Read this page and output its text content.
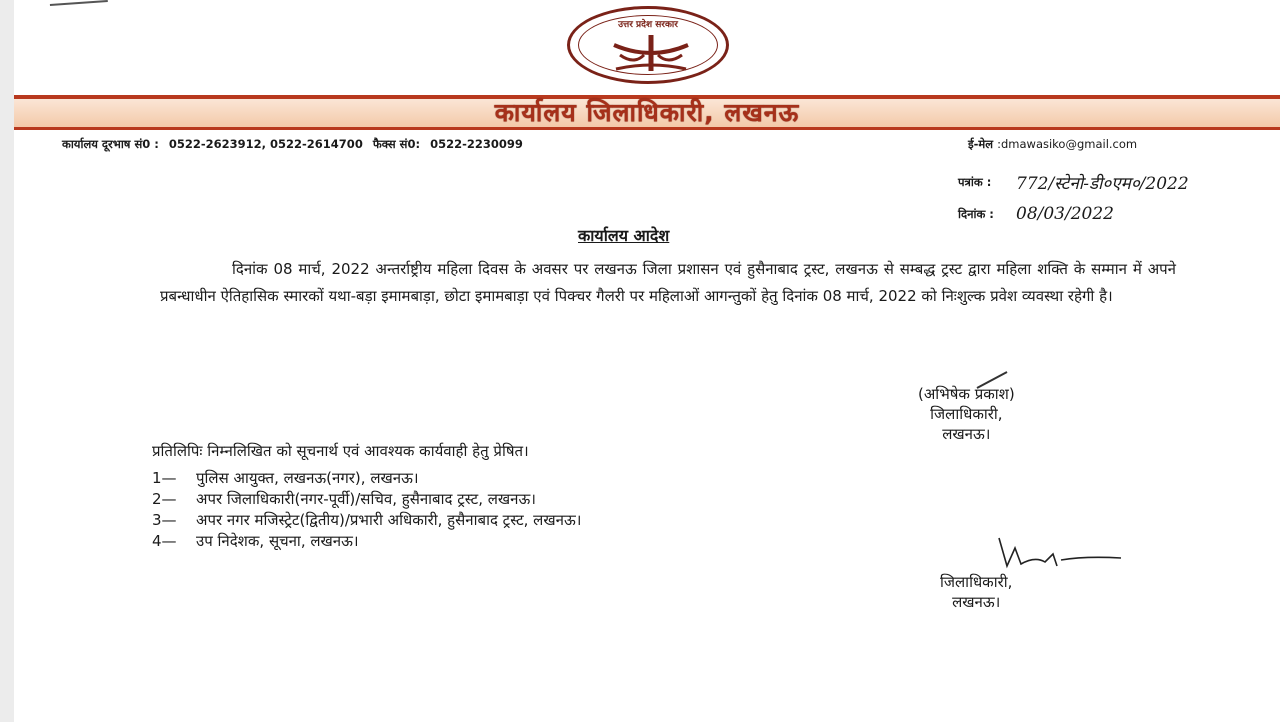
उत्तर प्रदेश सरकार
कार्यालय जिलाधिकारी, लखनऊ
कार्यालय दूरभाष सं0 : 0522-2623912, 0522-2614700 फैक्स सं0: 0522-2230099	ई-मेल :dmawasiko@gmail.com
पत्रांक :	772/स्टेनो-डी०एम०/2022
दिनांक :	08/03/2022
कार्यालय आदेश
दिनांक 08 मार्च, 2022 अन्तर्राष्ट्रीय महिला दिवस के अवसर पर लखनऊ जिला प्रशासन एवं हुसैनाबाद ट्रस्ट, लखनऊ से सम्बद्ध ट्रस्ट द्वारा महिला शक्ति के सम्मान में अपने प्रबन्धाधीन ऐतिहासिक स्मारकों यथा-बड़ा इमामबाड़ा, छोटा इमामबाड़ा एवं पिक्चर गैलरी पर महिलाओं आगन्तुकों हेतु दिनांक 08 मार्च, 2022 को निःशुल्क प्रवेश व्यवस्था रहेगी है।
(अभिषेक प्रकाश)
जिलाधिकारी,
लखनऊ।
प्रतिलिपिः निम्नलिखित को सूचनार्थ एवं आवश्यक कार्यवाही हेतु प्रेषित।
1— पुलिस आयुक्त, लखनऊ(नगर), लखनऊ।
2— अपर जिलाधिकारी(नगर-पूर्वी)/सचिव, हुसैनाबाद ट्रस्ट, लखनऊ।
3— अपर नगर मजिस्ट्रेट(द्वितीय)/प्रभारी अधिकारी, हुसैनाबाद ट्रस्ट, लखनऊ।
4— उप निदेशक, सूचना, लखनऊ।
जिलाधिकारी,
लखनऊ।
